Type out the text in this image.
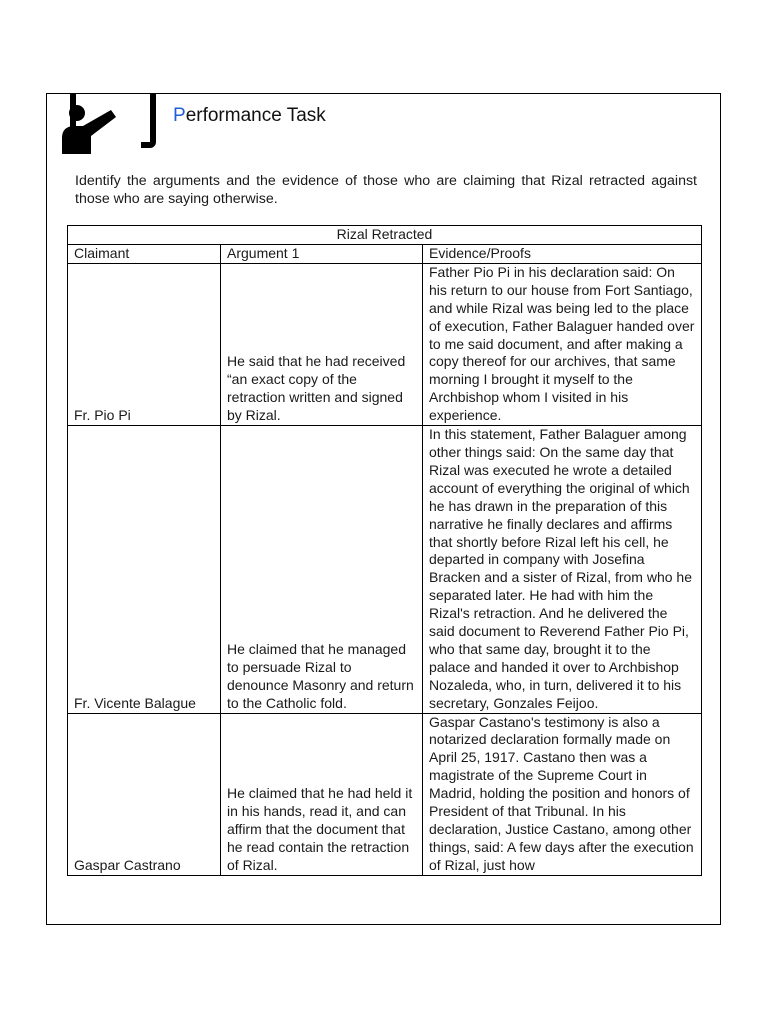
Performance Task
Identify the arguments and the evidence of those who are claiming that Rizal retracted against those who are saying otherwise.
Rizal Retracted		
Claimant	Argument 1	Evidence/Proofs
Fr. Pio Pi	He said that he had received “an exact copy of the retraction written and signed by Rizal.	Father Pio Pi in his declaration said: On his return to our house from Fort Santiago, and while Rizal was being led to the place of execution, Father Balaguer handed over to me said document, and after making a copy thereof for our archives, that same morning I brought it myself to the Archbishop whom I visited in his experience.
Fr. Vicente Balague	He claimed that he managed to persuade Rizal to denounce Masonry and return to the Catholic fold.	In this statement, Father Balaguer among other things said: On the same day that Rizal was executed he wrote a detailed account of everything the original of which he has drawn in the preparation of this narrative he finally declares and affirms that shortly before Rizal left his cell, he departed in company with Josefina Bracken and a sister of Rizal, from who he separated later. He had with him the Rizal's retraction. And he delivered the said document to Reverend Father Pio Pi, who that same day, brought it to the palace and handed it over to Archbishop Nozaleda, who, in turn, delivered it to his secretary, Gonzales Feijoo.
Gaspar Castrano	He claimed that he had held it in his hands, read it, and can affirm that the document that he read contain the retraction of Rizal.	Gaspar Castano's testimony is also a notarized declaration formally made on April 25, 1917. Castano then was a magistrate of the Supreme Court in Madrid, holding the position and honors of President of that Tribunal. In his declaration, Justice Castano, among other things, said: A few days after the execution of Rizal, just how
